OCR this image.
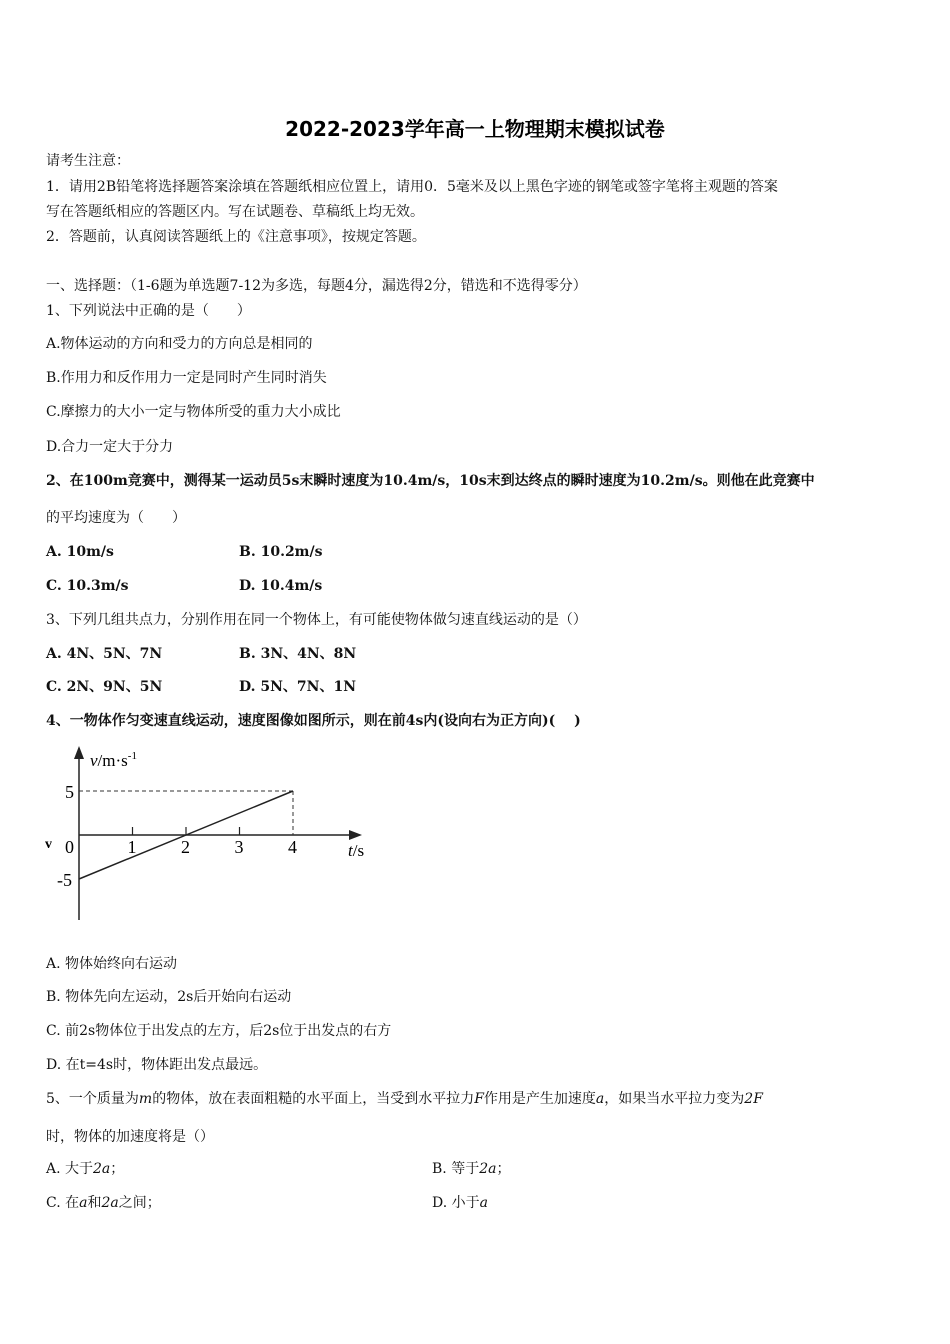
2022-2023学年高一上物理期末模拟试卷
请考生注意：
1．请用2B铅笔将选择题答案涂填在答题纸相应位置上，请用0．5毫米及以上黑色字迹的钢笔或签字笔将主观题的答案
写在答题纸相应的答题区内。写在试题卷、草稿纸上均无效。
2．答题前，认真阅读答题纸上的《注意事项》，按规定答题。
一、选择题：（1-6题为单选题7-12为多选，每题4分，漏选得2分，错选和不选得零分）
1、下列说法中正确的是（　　）
A.物体运动的方向和受力的方向总是相同的
B.作用力和反作用力一定是同时产生同时消失
C.摩擦力的大小一定与物体所受的重力大小成比
D.合力一定大于分力
2、在100m竞赛中，测得某一运动员5s末瞬时速度为10.4m/s，10s末到达终点的瞬时速度为10.2m/s。则他在此竞赛中
的平均速度为（　　）
A. 10m/s	B. 10.2m/s
C. 10.3m/s	D. 10.4m/s
3、下列几组共点力，分别作用在同一个物体上，有可能使物体做匀速直线运动的是（）
A. 4N、5N、7N	B. 3N、4N、8N
C. 2N、9N、5N	D. 5N、7N、1N
4、一物体作匀变速直线运动，速度图像如图所示，则在前4s内(设向右为正方向)(　 )
0	1 2 3 4
5
-5
$v/m\cdot s^{-1}$
t/s
v
A. 物体始终向右运动
B. 物体先向左运动，2s后开始向右运动
C. 前2s物体位于出发点的左方，后2s位于出发点的右方
D. 在t=4s时，物体距出发点最远。
5、一个质量为m的物体，放在表面粗糙的水平面上，当受到水平拉力F作用是产生加速度a，如果当水平拉力变为2F
时，物体的加速度将是（）
A. 大于2a；	B. 等于2a；
C. 在a和2a之间；	D. 小于a
